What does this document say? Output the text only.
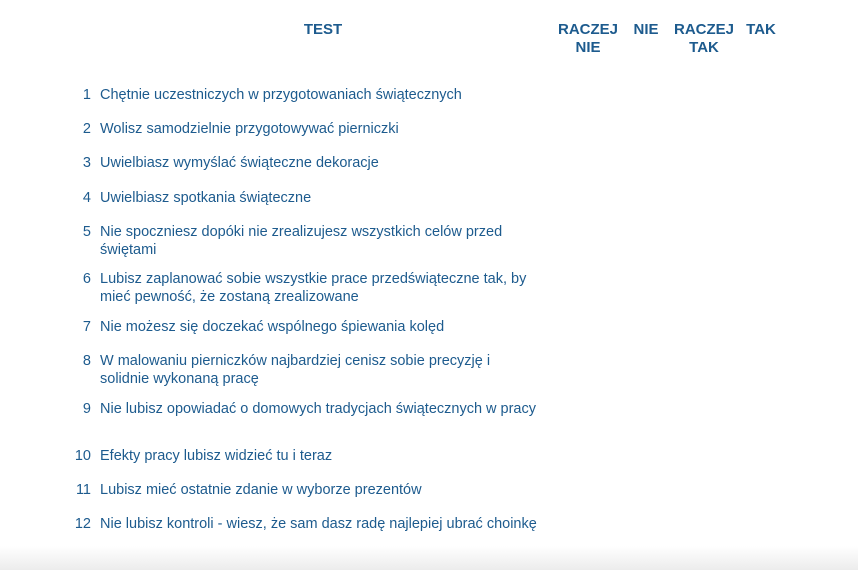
TEST	RACZEJ
NIE
NIE	RACZEJ
TAK
TAK
1 Chętnie uczestniczych w przygotowaniach świątecznych
2 Wolisz samodzielnie przygotowywać pierniczki
3 Uwielbiasz wymyślać świąteczne dekoracje
4 Uwielbiasz spotkania świąteczne
5 Nie spoczniesz dopóki nie zrealizujesz wszystkich celów przed świętami
6 Lubisz zaplanować sobie wszystkie prace przedświąteczne tak, by mieć pewność, że zostaną zrealizowane
7 Nie możesz się doczekać wspólnego śpiewania kolęd
8 W malowaniu pierniczków najbardziej cenisz sobie precyzję i solidnie wykonaną pracę
9 Nie lubisz opowiadać o domowych tradycjach świątecznych w pracy
10 Efekty pracy lubisz widzieć tu i teraz
11 Lubisz mieć ostatnie zdanie w wyborze prezentów
12 Nie lubisz kontroli - wiesz, że sam dasz radę najlepiej ubrać choinkę
